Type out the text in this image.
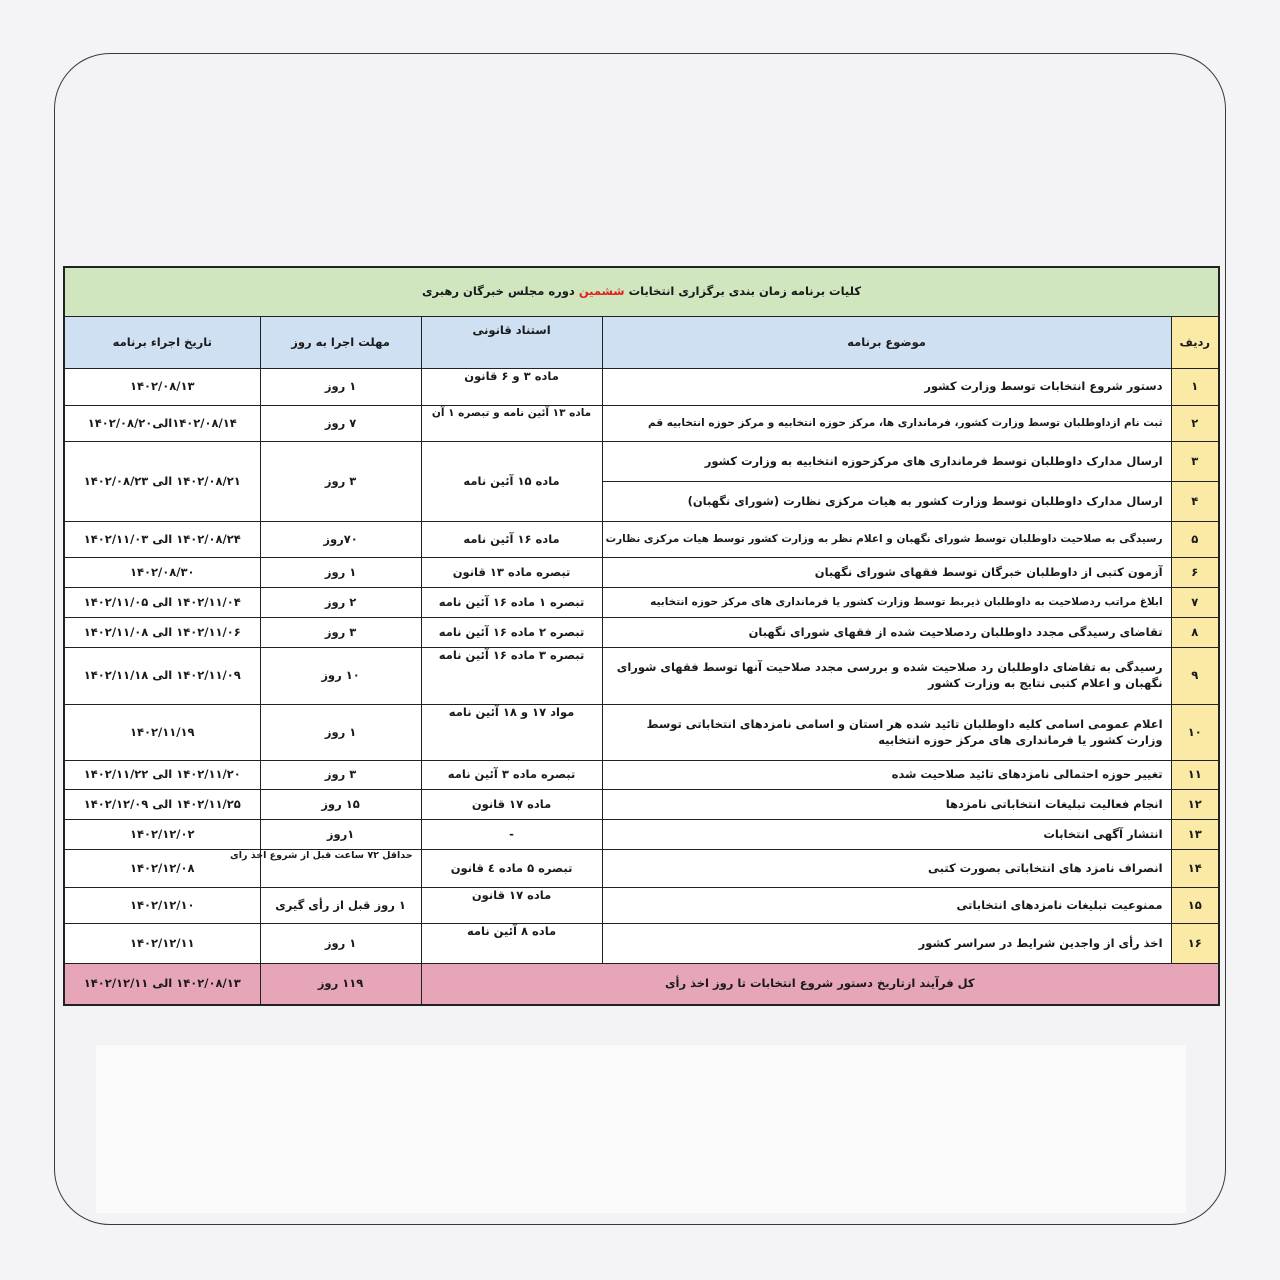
کلیات برنامه زمان بندی برگزاری انتخابات ششمین دوره مجلس خبرگان رهبری				
ردیف	موضوع برنامه	استناد قانونی	مهلت اجرا به روز	تاریخ اجراء برنامه
۱	دستور شروع انتخابات توسط وزارت کشور	ماده ۳ و ۶ قانون	۱ روز	۱۴۰۲/۰۸/۱۳
۲	ثبت نام ازداوطلبان توسط وزارت کشور، فرمانداری ها، مرکز حوزه انتخابیه و مرکز حوزه انتخابیه قم	ماده ۱۳ آئین نامه و تبصره ۱ آن	۷ روز	۱۴۰۲/۰۸/۱۴الی۱۴۰۲/۰۸/۲۰
۳	ارسال مدارک داوطلبان توسط فرمانداری های مرکزحوزه انتخابیه به وزارت کشور	ماده ۱۵ آئین نامه	۳ روز	۱۴۰۲/۰۸/۲۱ الی ۱۴۰۲/۰۸/۲۳
۴	ارسال مدارک داوطلبان توسط وزارت کشور به هیات مرکزی نظارت (شورای نگهبان)			
۵	رسیدگی به صلاحیت داوطلبان توسط شورای نگهبان و اعلام نظر به وزارت کشور توسط هیات مرکزی نظارت	ماده ۱۶ آئین نامه	۷۰روز	۱۴۰۲/۰۸/۲۴ الی ۱۴۰۲/۱۱/۰۳
۶	آزمون کتبی از داوطلبان خبرگان توسط فقهای شورای نگهبان	تبصره ماده ۱۳ قانون	۱ روز	۱۴۰۲/۰۸/۳۰
۷	ابلاغ مراتب ردصلاحیت به داوطلبان ذیربط توسط وزارت کشور یا فرمانداری های مرکز حوزه انتخابیه	تبصره ۱ ماده ۱۶ آئین نامه	۲ روز	۱۴۰۲/۱۱/۰۴ الی ۱۴۰۲/۱۱/۰۵
۸	تقاضای رسیدگی مجدد داوطلبان ردصلاحیت شده از فقهای شورای نگهبان	تبصره ۲ ماده ۱۶ آئین نامه	۳ روز	۱۴۰۲/۱۱/۰۶ الی ۱۴۰۲/۱۱/۰۸
۹	رسیدگی به تقاضای داوطلبان رد صلاحیت شده و بررسی مجدد صلاحیت آنها توسط فقهای شورای نگهبان و اعلام کتبی نتایج به وزارت کشور	تبصره ۳ ماده ۱۶ آئین نامه	۱۰ روز	۱۴۰۲/۱۱/۰۹ الی ۱۴۰۲/۱۱/۱۸
۱۰	اعلام عمومی اسامی کلیه داوطلبان تائید شده هر استان و اسامی نامزدهای انتخاباتی توسط وزارت کشور یا فرمانداری های مرکز حوزه انتخابیه	مواد ۱۷ و ۱۸ آئین نامه	۱ روز	۱۴۰۲/۱۱/۱۹
۱۱	تغییر حوزه احتمالی نامزدهای تائید صلاحیت شده	تبصره ماده ۳ آئین نامه	۳ روز	۱۴۰۲/۱۱/۲۰ الی ۱۴۰۲/۱۱/۲۲
۱۲	انجام فعالیت تبلیغات انتخاباتی نامزدها	ماده ۱۷ قانون	۱۵ روز	۱۴۰۲/۱۱/۲۵ الی ۱۴۰۲/۱۲/۰۹
۱۳	انتشار آگهی انتخابات	-	۱روز	۱۴۰۲/۱۲/۰۲
۱۴	انصراف نامزد های انتخاباتی بصورت کتبی	تبصره ۵ ماده ٤ قانون	حداقل ۷۲ ساعت قبل از شروع اخذ رای	۱۴۰۲/۱۲/۰۸
۱۵	ممنوعیت تبلیغات نامزدهای انتخاباتی	ماده ۱۷ قانون	۱ روز قبل از رأی گیری	۱۴۰۲/۱۲/۱۰
۱۶	اخذ رأی از واجدین شرایط در سراسر کشور	ماده ۸ آئین نامه	۱ روز	۱۴۰۲/۱۲/۱۱
کل فرآیند ازتاریخ دستور شروع انتخابات تا روز اخذ رأی			۱۱۹ روز	۱۴۰۲/۰۸/۱۳ الی ۱۴۰۲/۱۲/۱۱
